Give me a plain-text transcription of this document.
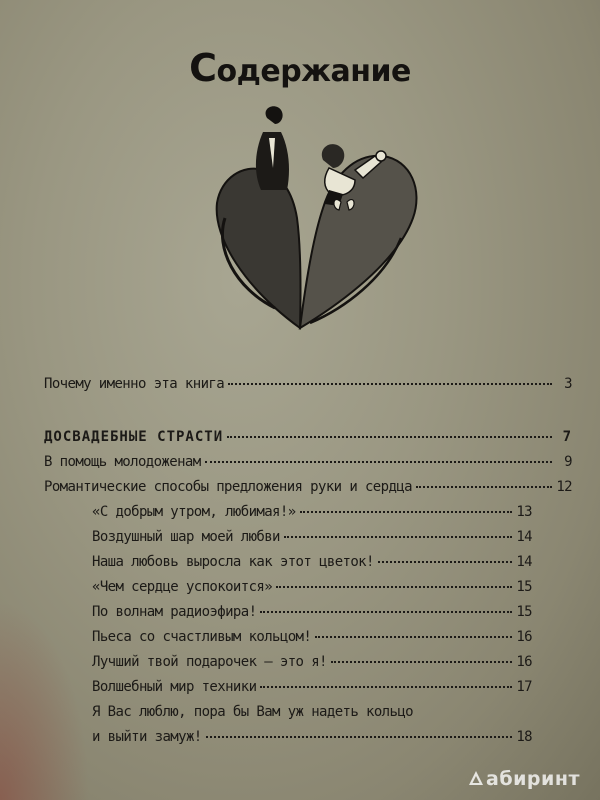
Содержание
Почему именно эта книга	3
ДОСВАДЕБНЫЕ СТРАСТИ	7
В помощь молодоженам	9
Романтические способы предложения руки и сердца	12
«С добрым утром, любимая!»	13
Воздушный шар моей любви	14
Наша любовь выросла как этот цветок!	14
«Чем сердце успокоится»	15
По волнам радиоэфира!	15
Пьеса со счастливым кольцом!	16
Лучший твой подарочек – это я!	16
Волшебный мир техники	17
Я Вас люблю, пора бы Вам уж надеть кольцо
и выйти замуж!	18
абиринт
